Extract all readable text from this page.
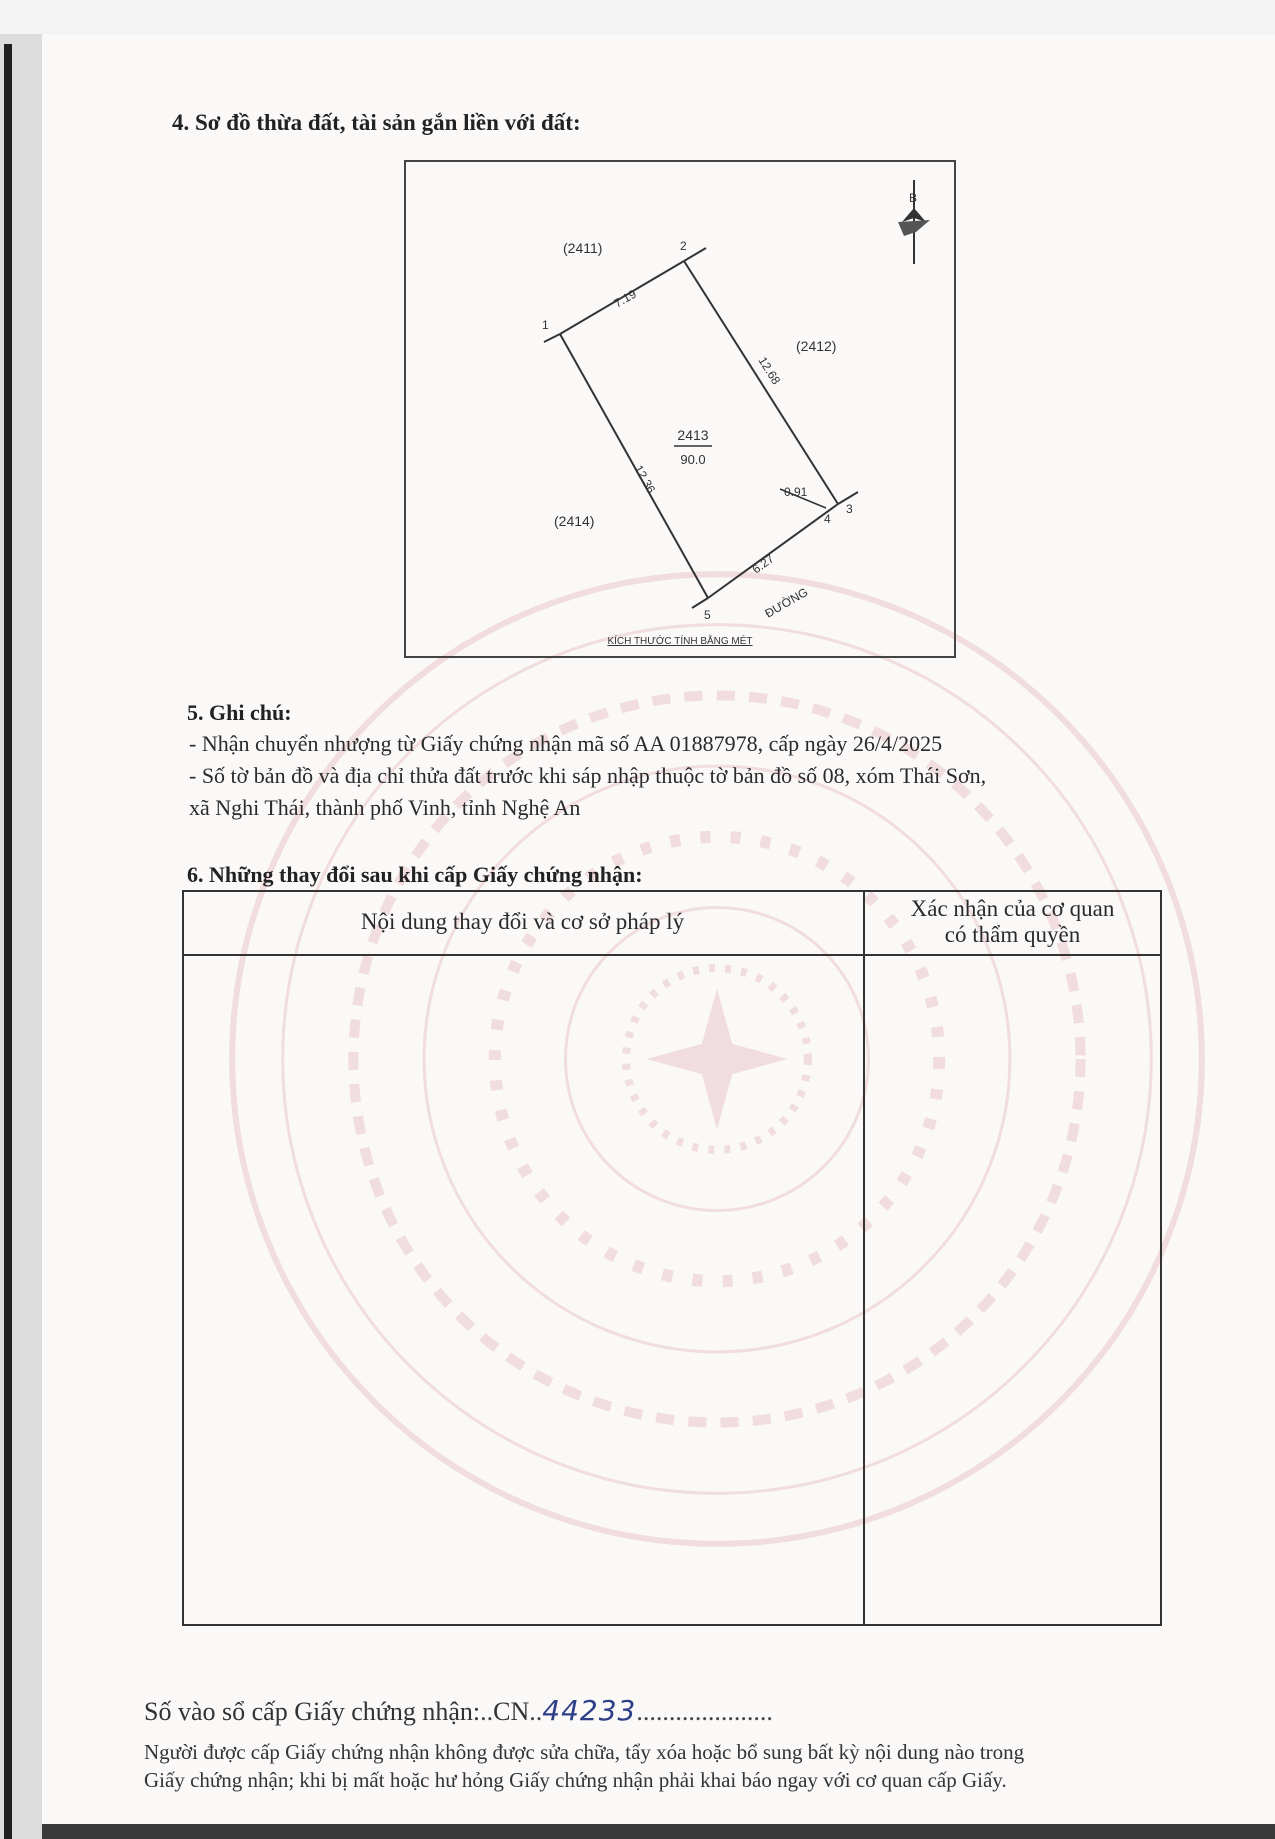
4. Sơ đồ thừa đất, tài sản gắn liền với đất:
B
(2411)
(2412)
(2414)
2413
90.0
1
2
3
4
5
7.19
12.68
0.91
6.27
12.36
ĐƯỜNG
KÍCH THƯỚC TÍNH BẰNG MÉT
5. Ghi chú:
- Nhận chuyển nhượng từ Giấy chứng nhận mã số AA 01887978, cấp ngày 26/4/2025
- Số tờ bản đồ và địa chỉ thửa đất trước khi sáp nhập thuộc tờ bản đồ số 08, xóm Thái Sơn,
xã Nghi Thái, thành phố Vinh, tỉnh Nghệ An
6. Những thay đổi sau khi cấp Giấy chứng nhận:
Nội dung thay đổi và cơ sở pháp lý
Xác nhận của cơ quan
có thẩm quyền
Số vào sổ cấp Giấy chứng nhận:..CN..44233.....................
Người được cấp Giấy chứng nhận không được sửa chữa, tẩy xóa hoặc bổ sung bất kỳ nội dung nào trong
Giấy chứng nhận; khi bị mất hoặc hư hỏng Giấy chứng nhận phải khai báo ngay với cơ quan cấp Giấy.
